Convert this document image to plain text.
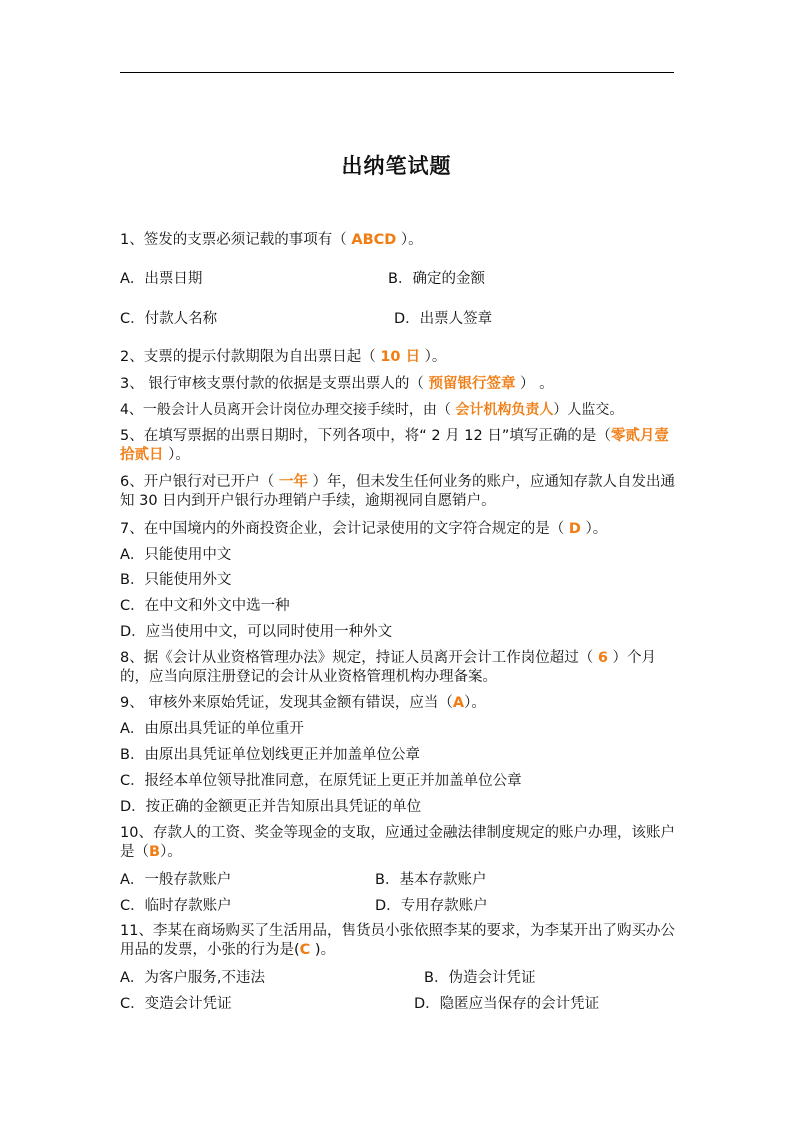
出纳笔试题
1、签发的支票必须记载的事项有（ ABCD ）。
A．出票日期	B．确定的金额
C．付款人名称	D．出票人签章
2、支票的提示付款期限为自出票日起（ 10 日 ）。
3、 银行审核支票付款的依据是支票出票人的（ 预留银行签章 ） 。
4、一般会计人员离开会计岗位办理交接手续时，由（ 会计机构负责人）人监交。
5、在填写票据的出票日期时，下列各项中，将“ 2 月 12 日”填写正确的是（零贰月壹拾贰日 ）。
6、开户银行对已开户（ 一年 ）年，但未发生任何业务的账户，应通知存款人自发出通知 30 日内到开户银行办理销户手续，逾期视同自愿销户。
7、在中国境内的外商投资企业，会计记录使用的文字符合规定的是（ D ）。
A．只能使用中文
B．只能使用外文
C．在中文和外文中选一种
D．应当使用中文，可以同时使用一种外文
8、据《会计从业资格管理办法》规定，持证人员离开会计工作岗位超过（ 6 ）个月的，应当向原注册登记的会计从业资格管理机构办理备案。
9、 审核外来原始凭证，发现其金额有错误，应当（A）。
A．由原出具凭证的单位重开
B．由原出具凭证单位划线更正并加盖单位公章
C．报经本单位领导批准同意，在原凭证上更正并加盖单位公章
D．按正确的金额更正并告知原出具凭证的单位
10、存款人的工资、奖金等现金的支取，应通过金融法律制度规定的账户办理，该账户是（B）。
A．一般存款账户	B．基本存款账户
C．临时存款账户	D．专用存款账户
11、李某在商场购买了生活用品，售货员小张依照李某的要求，为李某开出了购买办公用品的发票，小张的行为是(C )。
A．为客户服务,不违法	B．伪造会计凭证
C．变造会计凭证	D．隐匿应当保存的会计凭证
